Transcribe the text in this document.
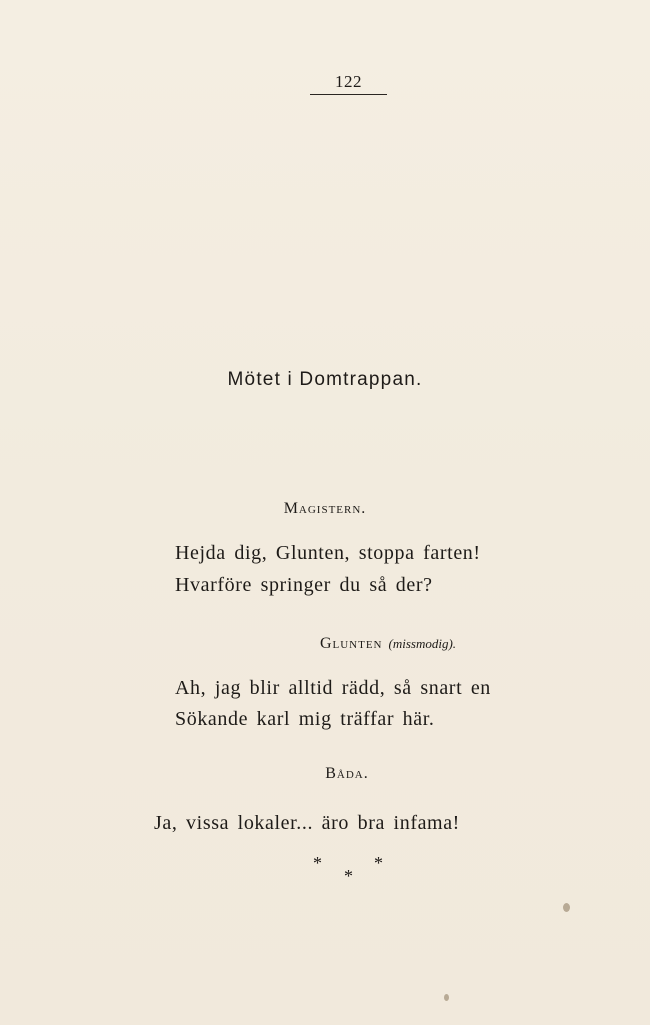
122
Mötet i Domtrappan.
Magistern.
Hejda dig, Glunten, stoppa farten!
Hvarföre springer du så der?
Glunten (missmodig).
Ah, jag blir alltid rädd, så snart en
Sökande karl mig träffar här.
Båda.
Ja, vissa lokaler... äro bra infama!
*	*
*
